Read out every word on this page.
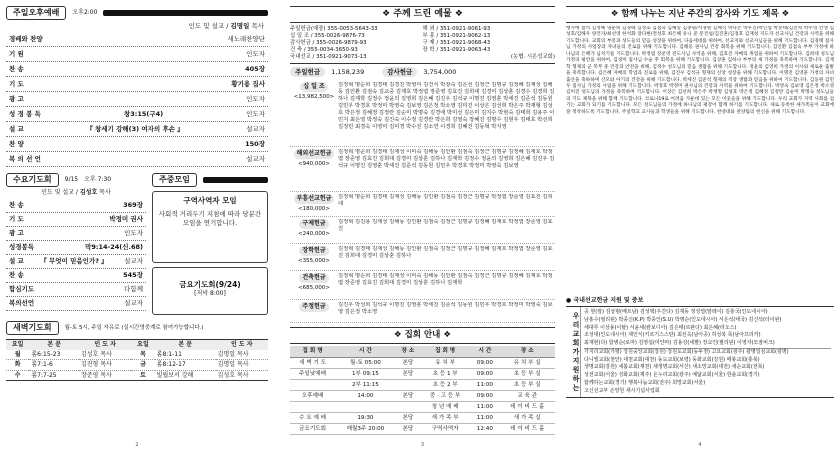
주일오후예배	오후2:00
인도 및 설교 / 김명일 목사
경배와 찬양	새노래찬양단
기 원	인도자
찬 송	405장
기 도	황기용 집사
광 고	인도자
성 경 봉 독	창3:15(구4)	인도자
설 교	『 창세기 강해(3) 여자의 후손 』	설교자
찬 양	150장
복 의 선 언	설교자
수요기도회	9/15 오후 7:30
인도 및 설교 / 김성호 목사
찬 송	369장
기 도	박정미 권사
광 고	인도자
성경봉독	막9:14-24(신.68)
설 교	『 무엇이 믿음인가? 』	설교자
찬 송	545장
합심기도	다함께
복의선언	설교자
주중모임
구역사역자 모임
사회적 거리두기 지침에 따라 당분간 모임을 연기합니다.
금요기도회(9/24)
[저녁 8:00]
새벽기도회	월-토 5시, 주일 자유로 (실시간영중계로 참여가능합니다.)
요일	본 문	인 도 자	요일	본 문	인 도 자
월	롬6:15-23	김성호 목사	목	롬8:1-11	김명일 목사
화	롬7:1-6	김진형 목사	금	롬8:12-17	김명일 목사
수	롬7:7-25	장준영 목사	토	빌립보서 강해	김성호 목사
2
❖ 주께 드린 예물 ❖
주일헌금(예장) 355-0053-5643-33
십 일 조 / 355-0026-9876-73
감사헌금 / 355-0026-9879-93
건 축 / 355-0034-3650-93
국내선교 / 351-0921-9073-13
해 외 / 351-0921-9061-93
부 흥 / 351-0921-9062-13
구 제 / 351-0921-9068-43
장 학 / 351-0921-9063-43
(농협. 시온성교회)
주일헌금	1,158,239	감사헌금	3,754,000
십 일 조
<13,982,500>
김정혁 명순희 김경태 김경진 박영미 김건식 박창숙 김은선 김정근 김명규 김정혜 김재성 김해동 김인환 김점숙 김교중 김재호 박정엽 장준영 김효진 김희대 김경미 김상훈 김경수 김경희 김하나 김재학 김정수 정윤의 김영희 김은혜 김진우 김석규 이명진 김영훈 박세진 김준석 김동원 김민우 박경호 박정미 박영숙 김보영 김은정 박소영 김미진 이상은 김선희 박은주 박재형 김성호 박은정 김혜정 김정란 김순미 박명숙 김경애 박미선 김은미 김지수 박현숙 김태희 김용주 이민지 최은영 박정숙 김진숙 이수정 김경란 박은희 김영숙 장혜진 김명수 김현우 김태호 박선희 김정민 최경숙 이영미 김미경 박수진 김소연 이경희 김혜진 김동혁 박지영
해외선교헌금
<940,000>
김정혁 명순희 김경태 김재성 이미숙 김해동 김인환 김점숙 김정근 김명규 김정혜 김재호 박정엽 장준영 김효진 김희대 김경미 김상훈 김하나 김재학 김정수 정윤의 김영희 김은혜 김진우 김석규 이명진 김영훈 박세진 김준석 김동원 김민우 박경호 박정미 박영숙 김보영
부흥선교헌금
<180,000>
김정혁 명순희 김경태 김재성 김해동 김인환 김점숙 김정근 김명규 박정엽 장준영 김효진 김희대
구제헌금
<240,000>
김정혁 김진용 김재성 김해동 김인환 김점숙 김정근 김명규 김정혜 김재호 박정엽 장준영 김효진
장학헌금
<355,000>
김정혁 김경태 김재성 김해동 김인환 김점숙 김정근 김명규 김정혜 김재호 박정엽 장준영 김효진 김희대 김경미 김상훈 김하나
건축헌금
<685,000>
김정혁 명순희 김경태 김재성 이미숙 김해동 김인환 김점숙 김정근 김명규 김정혜 김재호 박정엽 장준영 김효진 김희대 김경미 김상훈 김하나 김재학
주정헌금	김진우 박성희 김석규 이명진 김영훈 박세진 김준석 김동원 김민우 박경호 박정미 박영숙 김보영 김은정 박소영
❖ 집회 안내 ❖
집 회 명	시 간	장 소	집 회 명	시 간	장 소
새 벽 기 도	월-토 05:00	본당	유 치 부	09:00	유 치 부 실
주일낮예배	1부 09:15	본당	초 등 1 부	09:00	초 등 부 실
	2부 11:15		초 등 2 부	11:00	초 등 부 실
오후예배	14:00	본당	중 · 고 등 부	09:00	교 육 관
			청 년 예 배	11:00	데 이 비 드 홀
수 요 예 배	19:30	본당	새 가 족 부	11:00	새 가 족 실
금요기도회	매월3주 20:00	본당	구역사역자	12:40	데 이 비 드 홀
3
❖ 함께 나누는 지난 주간의 감사와 기도 제목 ❖
행사에 참석 김정혜 명순희 김경태 김성호 김점숙 김해동 김종필/서경원 김해식 박다온 박우진/박인섭 박준태/김진혁 박주영 안생 김성호/김해우 양건자/최선영 한석화 장다현/전성호 최은혜 유니 준 문진섭/김진훈/김경호 김재성 지도자 선교사님 건강과 사역을 위해 기도합니다. 교회의 부흥과 성도들의 믿음 성장을 위하여, 다음세대를 위하여, 선교지와 선교사님들을 위해 기도합니다. 김경태 집사님 가정의 사업장과 자녀들의 진로를 위해 기도합니다. 김해동 권사님 건강 회복을 위해 기도합니다. 김인환 김점숙 부부 가정에 하나님의 은혜가 넘치기를 기도합니다. 박정엽 장준영 전도사님 사역을 위해, 김효진 자매의 취업을 위하여 기도합니다. 김희대 성도님 가정의 평안을 위하여, 김경미 집사님 수술 후 회복을 위해 기도합니다. 김상훈 김하나 부부의 새 가정을 축복하며 기도합니다. 김재학 형제의 군 복무 중 건강과 안전을 위해, 김정수 성도님의 믿음 생활을 위해 기도합니다. 정윤의 김영희 가정의 이사와 새로운 출발을 축복합니다. 김은혜 자매의 학업과 진로를 위해, 김진우 김석규 형제의 신앙 성장을 위해 기도합니다. 이명진 김영훈 가정의 자녀 출산을 축하하며 산모와 아기의 건강을 위해 기도합니다. 박세진 김준석 형제의 직장 생활과 믿음을 위하여 기도합니다. 김동원 김민우 집사님 가정의 사업을 위해 기도합니다. 박경호 박정미 권사님의 건강과 사역을 위하여 기도합니다. 박영숙 김보영 김은정 박소영 김미진 성도님의 가정을 축복하며 기도합니다. 이상은 김선희 박은주 박재형 김성호 박은정 김혜정 김정란 김순미 박명숙 성도님들의 기도 제목을 위해 함께 기도합니다. 코로나19로 어려움 가운데 있는 모든 이웃들을 위해 기도합니다. 우리 교회가 지역 사회를 섬기는 교회가 되기를 기도합니다. 모든 성도님들의 가정에 하나님의 평강이 함께 하기를 기도합니다. 새로 등록한 새가족들이 교회에 잘 정착하도록 기도합니다. 주일학교 교사들과 학생들을 위해 기도합니다. 찬양대와 찬양팀의 헌신을 위해 기도합니다.
● 국내선교헌금 지원 및 중보
우리교회가지원하는 공 현(캄) 김상범(베트남) 김성택(우간다) 김재동 정성열(말레이) 김충국(인도네시아)
남홍수(필리핀) 박종신(K.P) 박종인(S.U) 박명순(인도네시아) 서은석(태국) 김신석(타이완)
세대루 이상용(이탈) 서윤세(캄보디아) 김은태(르완다) 최은혜(라오스)
조성대(인도네시아) 제인식(키르기스스탄) 최선옥(남아공) 허성복 목(남아프리카)
최재현(다) 함병순(로마) 김영섭(미얀마) 김용상(네팔) 장교인(필리핀) 이영자(모잠비크)
가지리교회(가평) 강원중앙교회(강원) 강원도교회(동두천) 고요교회(광주) 광명일심교회(광명)
다니엘교회(천안) 대천교회(대천) 동도교회(보령) 동화교회(강원) 매봉교회(충북)
생명교회(강원) 새봄교회(제천) 새생명교회(서산) 새소망교회(대전) 새순교회(전북)
성전교회(서울) 성화교회(제주) 온누리교회(광주) 예닮교회(서울) 한솔교회(경기)
함께하는교회(경기) 행복나눔교회(전주) 희망교회(서울)
고신선교부 손양원 새시기념사업회
4
